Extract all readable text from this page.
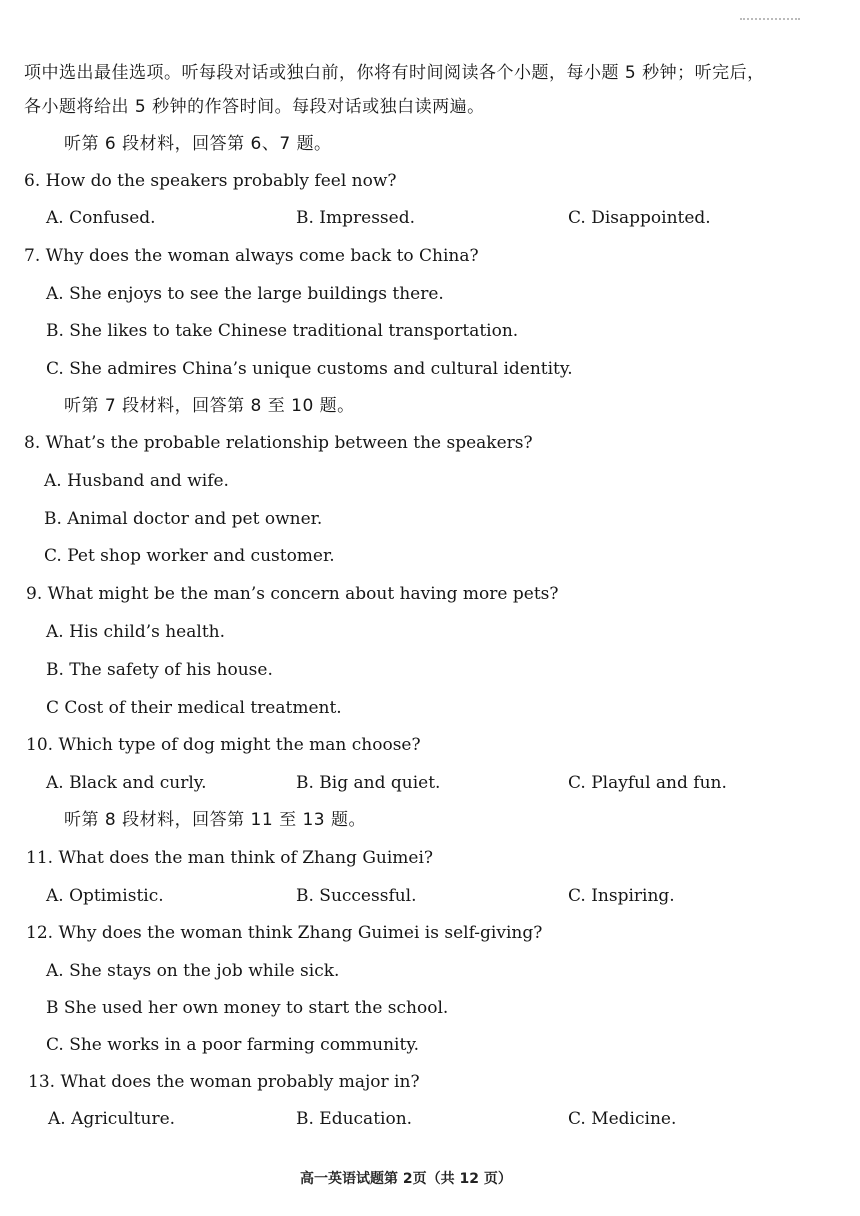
项中选出最佳选项。听每段对话或独白前，你将有时间阅读各个小题，每小题 5 秒钟；听完后，
各小题将给出 5 秒钟的作答时间。每段对话或独白读两遍。
听第 6 段材料，回答第 6、7 题。
6. How do the speakers probably feel now?
A. Confused.	B. Impressed.	C. Disappointed.
7. Why does the woman always come back to China?
A. She enjoys to see the large buildings there.
B. She likes to take Chinese traditional transportation.
C. She admires China’s unique customs and cultural identity.
听第 7 段材料，回答第 8 至 10 题。
8. What’s the probable relationship between the speakers?
A. Husband and wife.
B. Animal doctor and pet owner.
C. Pet shop worker and customer.
9. What might be the man’s concern about having more pets?
A. His child’s health.
B. The safety of his house.
C Cost of their medical treatment.
10. Which type of dog might the man choose?
A. Black and curly.	B. Big and quiet.	C. Playful and fun.
听第 8 段材料，回答第 11 至 13 题。
11. What does the man think of Zhang Guimei?
A. Optimistic.	B. Successful.	C. Inspiring.
12. Why does the woman think Zhang Guimei is self-giving?
A. She stays on the job while sick.
B She used her own money to start the school.
C. She works in a poor farming community.
13. What does the woman probably major in?
A. Agriculture.	B. Education.	C. Medicine.
高一英语试题第 2页（共 12 页）
